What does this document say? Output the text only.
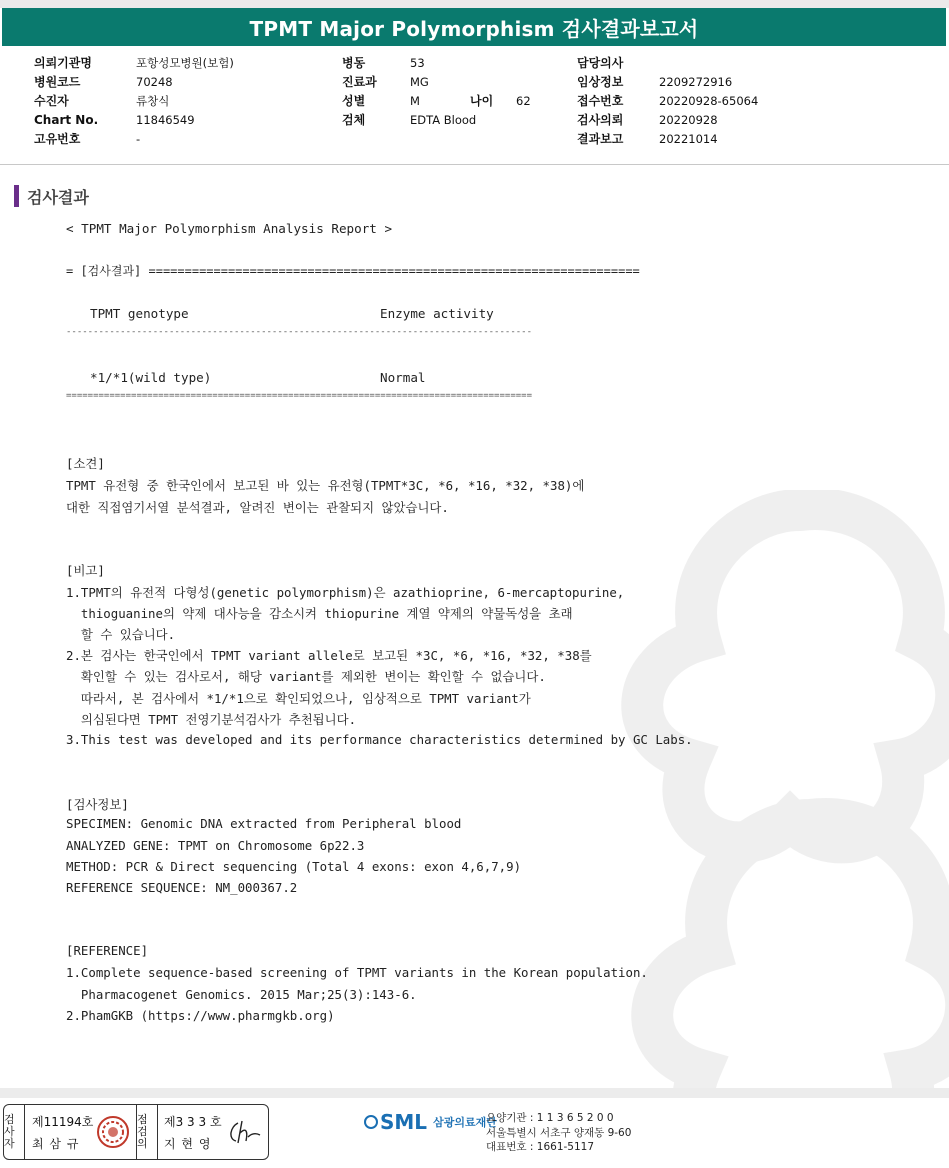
TPMT Major Polymorphism 검사결과보고서
의뢰기관명	포항성모병원(보험)
병원코드	70248
수진자	류창식
Chart No.	11846549
고유번호	-
병동	53
진료과	MG
성별	M	나이	62
검체	EDTA Blood
담당의사
임상정보	2209272916
접수번호	20220928-65064
검사의뢰	20220928
결과보고	20221014
검사결과
< TPMT Major Polymorphism Analysis Report >
= [검사결과] ====================================================================
TPMT genotype	Enzyme activity
--------------------------------------------------------------------------------------
*1/*1(wild type)	Normal
======================================================================================
[소견]
TPMT 유전형 중 한국인에서 보고된 바 있는 유전형(TPMT*3C, *6, *16, *32, *38)에
대한 직접염기서열 분석결과, 알려진 변이는 관찰되지 않았습니다.
[비고]
1.TPMT의 유전적 다형성(genetic polymorphism)은 azathioprine, 6-mercaptopurine,
thioguanine의 약제 대사능을 감소시켜 thiopurine 계열 약제의 약물독성을 초래
할 수 있습니다.
2.본 검사는 한국인에서 TPMT variant allele로 보고된 *3C, *6, *16, *32, *38를
확인할 수 있는 검사로서, 해당 variant를 제외한 변이는 확인할 수 없습니다.
따라서, 본 검사에서 *1/*1으로 확인되었으나, 임상적으로 TPMT variant가
의심된다면 TPMT 전영기분석검사가 추천됩니다.
3.This test was developed and its performance characteristics determined by GC Labs.
[검사정보]
SPECIMEN: Genomic DNA extracted from Peripheral blood
ANALYZED GENE: TPMT on Chromosome 6p22.3
METHOD: PCR & Direct sequencing (Total 4 exons: exon 4,6,7,9)
REFERENCE SEQUENCE: NM_000367.2
[REFERENCE]
1.Complete sequence-based screening of TPMT variants in the Korean population.
Pharmacogenet Genomics. 2015 Mar;25(3):143-6.
2.PhamGKB (https://www.pharmgkb.org)
검사자
제11194호
최 삼 규
점검의
제3 3 3 호
지 현 영
SML 삼광의료재단
요양기관 : 1 1 3 6 5 2 0 0
서울특별시 서초구 양재동 9-60
대표번호 : 1661-5117
